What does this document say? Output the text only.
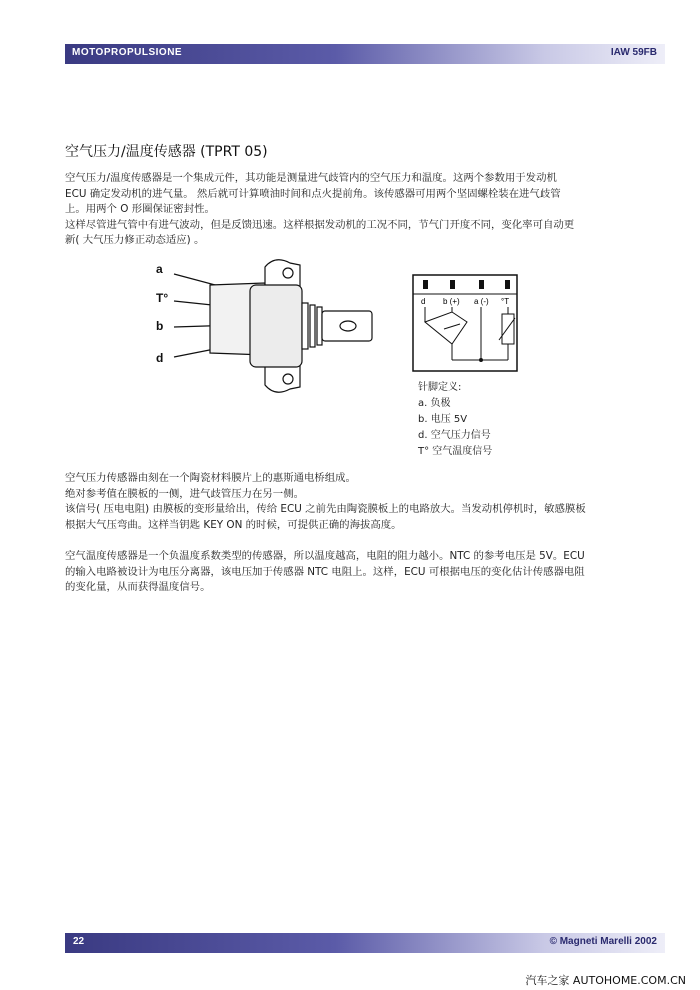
MOTOPROPULSIONE	IAW 59FB
空气压力/温度传感器 (TPRT 05)
空气压力/温度传感器是一个集成元件，其功能是测量进气歧管内的空气压力和温度。这两个参数用于发动机
ECU 确定发动机的进气量。 然后就可计算喷油时间和点火提前角。该传感器可用两个坚固螺栓装在进气歧管
上。用两个 O 形圈保证密封性。
这样尽管进气管中有进气波动，但是反馈迅速。这样根据发动机的工况不同，节气门开度不同，变化率可自动更
新( 大气压力修正动态适应) 。
a
T°
b
d
d b (+) a (-) °T
针脚定义:
a. 负极
b. 电压 5V
d. 空气压力信号
T° 空气温度信号
空气压力传感器由刻在一个陶瓷材料膜片上的惠斯通电桥组成。
绝对参考值在膜板的一侧，进气歧管压力在另一侧。
该信号( 压电电阻) 由膜板的变形量给出，传给 ECU 之前先由陶瓷膜板上的电路放大。当发动机停机时，敏感膜板
根据大气压弯曲。这样当钥匙 KEY ON 的时候，可提供正确的海拔高度。
空气温度传感器是一个负温度系数类型的传感器，所以温度越高，电阻的阻力越小。NTC 的参考电压是 5V。ECU
的输入电路被设计为电压分离器，该电压加于传感器 NTC 电阻上。这样，ECU 可根据电压的变化估计传感器电阻
的变化量，从而获得温度信号。
22	© Magneti Marelli 2002
汽车之家 AUTOHOME.COM.CN
